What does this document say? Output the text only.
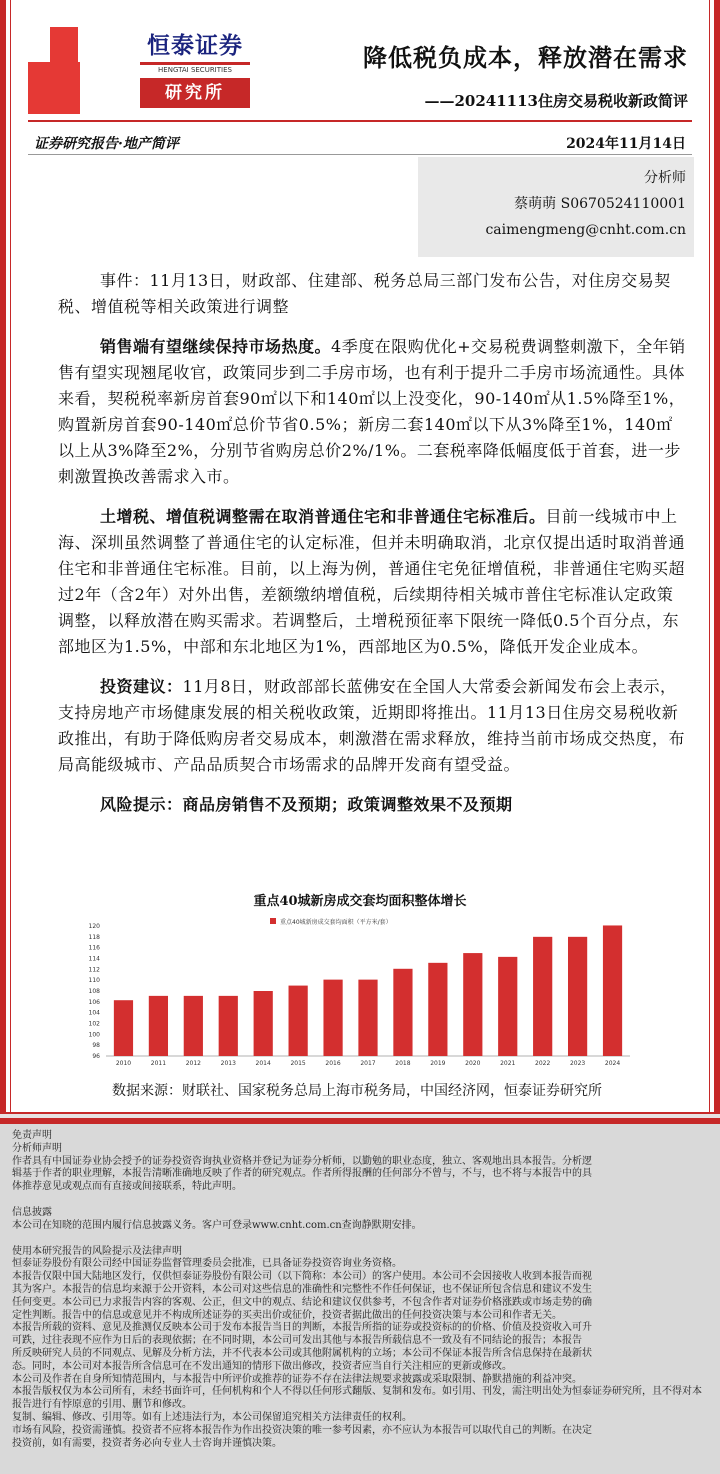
恒泰证券
HENGTAI SECURITIES
研究所
降低税负成本，释放潜在需求
——20241113住房交易税收新政简评
证券研究报告·地产简评	2024年11月14日
分析师
蔡萌萌 S0670524110001
caimengmeng@cnht.com.cn

事件：11月13日，财政部、住建部、税务总局三部门发布公告，对住房交易契税、增值税等相关政策进行调整

销售端有望继续保持市场热度。4季度在限购优化+交易税费调整刺激下，全年销售有望实现翘尾收官，政策同步到二手房市场，也有利于提升二手房市场流通性。具体来看，契税税率新房首套90㎡以下和140㎡以上没变化，90-140㎡从1.5%降至1%，购置新房首套90-140㎡总价节省0.5%；新房二套140㎡以下从3%降至1%，140㎡以上从3%降至2%，分别节省购房总价2%/1%。二套税率降低幅度低于首套，进一步刺激置换改善需求入市。

土增税、增值税调整需在取消普通住宅和非普通住宅标准后。目前一线城市中上海、深圳虽然调整了普通住宅的认定标准，但并未明确取消，北京仅提出适时取消普通住宅和非普通住宅标准。目前，以上海为例，普通住宅免征增值税，非普通住宅购买超过2年（含2年）对外出售，差额缴纳增值税，后续期待相关城市普住宅标准认定政策调整，以释放潜在购买需求。若调整后，土增税预征率下限统一降低0.5个百分点，东部地区为1.5%，中部和东北地区为1%，西部地区为0.5%，降低开发企业成本。

投资建议：11月8日，财政部部长蓝佛安在全国人大常委会新闻发布会上表示，支持房地产市场健康发展的相关税收政策，近期即将推出。11月13日住房交易税收新政推出，有助于降低购房者交易成本，刺激潜在需求释放，维持当前市场成交热度，布局高能级城市、产品品质契合市场需求的品牌开发商有望受益。

风险提示：商品房销售不及预期；政策调整效果不及预期

重点40城新房成交套均面积整体增长
重点40城新房成交套均面积（平方米/套）
96
98
100
102
104
106
108
110
112
114
116
118
120
2010	2011	2012	2013	2014	2015	2016	2017	2018	2019	2020	2021	2022	2023	2024
数据来源：财联社、国家税务总局上海市税务局，中国经济网，恒泰证券研究所

免责声明

分析师声明

作者具有中国证券业协会授予的证券投资咨询执业资格并登记为证券分析师，以勤勉的职业态度，独立、客观地出具本报告。分析逻

辑基于作者的职业理解，本报告清晰准确地反映了作者的研究观点。作者所得报酬的任何部分不曾与，不与，也不将与本报告中的具

体推荐意见或观点而有直接或间接联系，特此声明。

信息披露

本公司在知晓的范围内履行信息披露义务。客户可登录www.cnht.com.cn查询静默期安排。

使用本研究报告的风险提示及法律声明

恒泰证券股份有限公司经中国证券监督管理委员会批准，已具备证券投资咨询业务资格。

本报告仅限中国大陆地区发行，仅供恒泰证券股份有限公司（以下简称：本公司）的客户使用。本公司不会因接收人收到本报告而视

其为客户。本报告的信息均来源于公开资料，本公司对这些信息的准确性和完整性不作任何保证，也不保证所包含信息和建议不发生

任何变更。本公司已力求报告内容的客观、公正，但文中的观点、结论和建议仅供参考，不包含作者对证券价格涨跌或市场走势的确

定性判断。报告中的信息或意见并不构成所述证券的买卖出价或征价，投资者据此做出的任何投资决策与本公司和作者无关。

本报告所载的资料、意见及推测仅反映本公司于发布本报告当日的判断，本报告所指的证券或投资标的的价格、价值及投资收入可升

可跌，过往表现不应作为日后的表现依据；在不同时期，本公司可发出其他与本报告所载信息不一致及有不同结论的报告；本报告

所反映研究人员的不同观点、见解及分析方法，并不代表本公司或其他附属机构的立场；本公司不保证本报告所含信息保持在最新状

态。同时，本公司对本报告所含信息可在不发出通知的情形下做出修改，投资者应当自行关注相应的更新或修改。

本公司及作者在自身所知情范围内，与本报告中所评价或推荐的证券不存在法律法规要求披露或采取限制、静默措施的利益冲突。

本报告版权仅为本公司所有，未经书面许可，任何机构和个人不得以任何形式翻版、复制和发布。如引用、刊发，需注明出处为恒泰证券研究所，且不得对本报告进行有悖原意的引用、删节和修改。

复制、编辑、修改、引用等。如有上述违法行为，本公司保留追究相关方法律责任的权利。

市场有风险，投资需谨慎。投资者不应将本报告作为作出投资决策的唯一参考因素，亦不应认为本报告可以取代自己的判断。在决定

投资前，如有需要，投资者务必向专业人士咨询并谨慎决策。
